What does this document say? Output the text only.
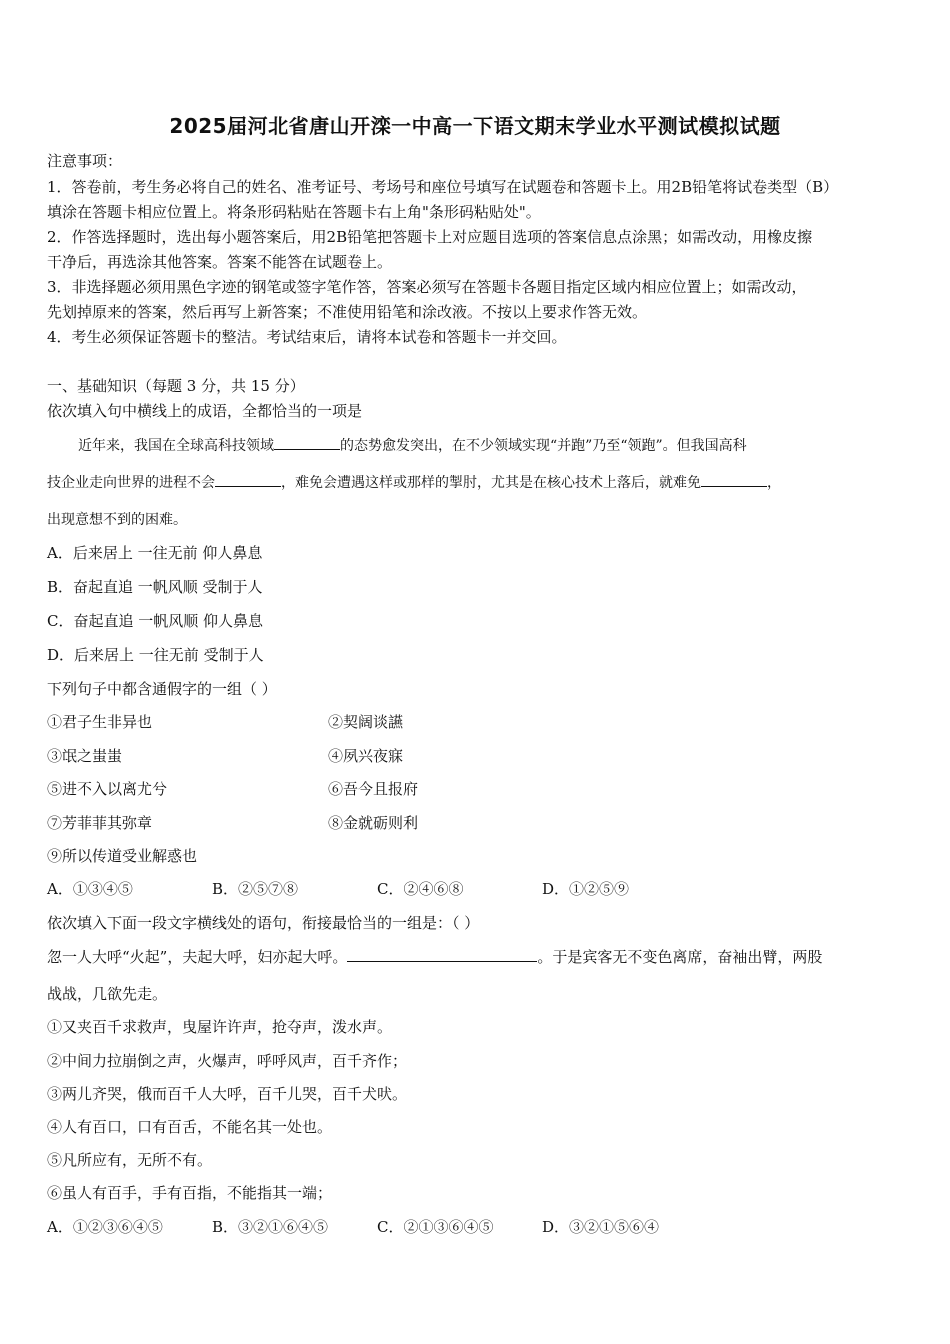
2025届河北省唐山开滦一中高一下语文期末学业水平测试模拟试题
注意事项：
1．答卷前，考生务必将自己的姓名、准考证号、考场号和座位号填写在试题卷和答题卡上。用2B铅笔将试卷类型（B）
填涂在答题卡相应位置上。将条形码粘贴在答题卡右上角"条形码粘贴处"。
2．作答选择题时，选出每小题答案后，用2B铅笔把答题卡上对应题目选项的答案信息点涂黑；如需改动，用橡皮擦
干净后，再选涂其他答案。答案不能答在试题卷上。
3．非选择题必须用黑色字迹的钢笔或签字笔作答，答案必须写在答题卡各题目指定区域内相应位置上；如需改动，
先划掉原来的答案，然后再写上新答案；不准使用铅笔和涂改液。不按以上要求作答无效。
4．考生必须保证答题卡的整洁。考试结束后，请将本试卷和答题卡一并交回。
一、基础知识（每题 3 分，共 15 分）
依次填入句中横线上的成语，全都恰当的一项是
近年来，我国在全球高科技领域	的态势愈发突出，在不少领域实现“并跑”乃至“领跑”。但我国高科
技企业走向世界的进程不会	，难免会遭遇这样或那样的掣肘，尤其是在核心技术上落后，就难免	，
出现意想不到的困难。
A．后来居上 一往无前 仰人鼻息
B．奋起直追 一帆风顺 受制于人
C．奋起直追 一帆风顺 仰人鼻息
D．后来居上 一往无前 受制于人
下列句子中都含通假字的一组（ ）
①君子生非异也	②契阔谈讌
③氓之蚩蚩	④夙兴夜寐
⑤进不入以离尤兮	⑥吾今且报府
⑦芳菲菲其弥章	⑧金就砺则利
⑨所以传道受业解惑也
A．①③④⑤	B．②⑤⑦⑧	C．②④⑥⑧	D．①②⑤⑨
依次填入下面一段文字横线处的语句，衔接最恰当的一组是：（ ）
忽一人大呼“火起”，夫起大呼，妇亦起大呼。	。于是宾客无不变色离席，奋袖出臂，两股
战战，几欲先走。
①又夹百千求救声，曳屋许许声，抢夺声，泼水声。
②中间力拉崩倒之声，火爆声，呼呼风声，百千齐作；
③两儿齐哭，俄而百千人大呼，百千儿哭，百千犬吠。
④人有百口，口有百舌，不能名其一处也。
⑤凡所应有，无所不有。
⑥虽人有百手，手有百指，不能指其一端；
A．①②③⑥④⑤	B．③②①⑥④⑤	C．②①③⑥④⑤	D．③②①⑤⑥④
